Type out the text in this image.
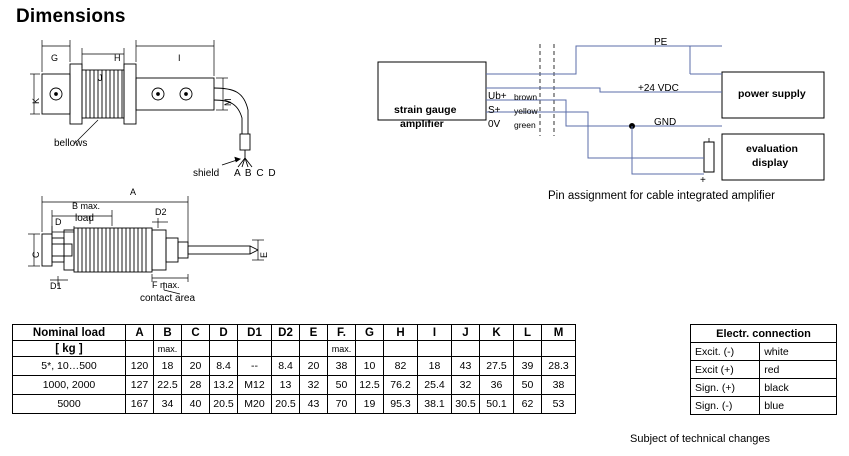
Dimensions
G	H	I
J
K	M
bellows
shield A B C D
A
B max.
load
D
D2
C	E
D1	F max.
contact area
strain gauge
amplifier
Ub+
S+
0V
brown
yellow
green
PE
+24 VDC
GND
+
power supply
evaluation
display
Pin assignment for cable integrated amplifier
Nominal load	A	B	C	D	D1	D2	E	F.	G	H	I	J	K	L	M
[ kg ]		max.						max.							
5*, 10…500	120	18	20	8.4	--	8.4	20	38	10	82	18	43	27.5	39	28.3
1000, 2000	127	22.5	28	13.2	M12	13	32	50	12.5	76.2	25.4	32	36	50	38
5000	167	34	40	20.5	M20	20.5	43	70	19	95.3	38.1	30.5	50.1	62	53
Electr. connection	
Excit. (-)	white
Excit (+)	red
Sign. (+)	black
Sign. (-)	blue
Subject of technical changes
